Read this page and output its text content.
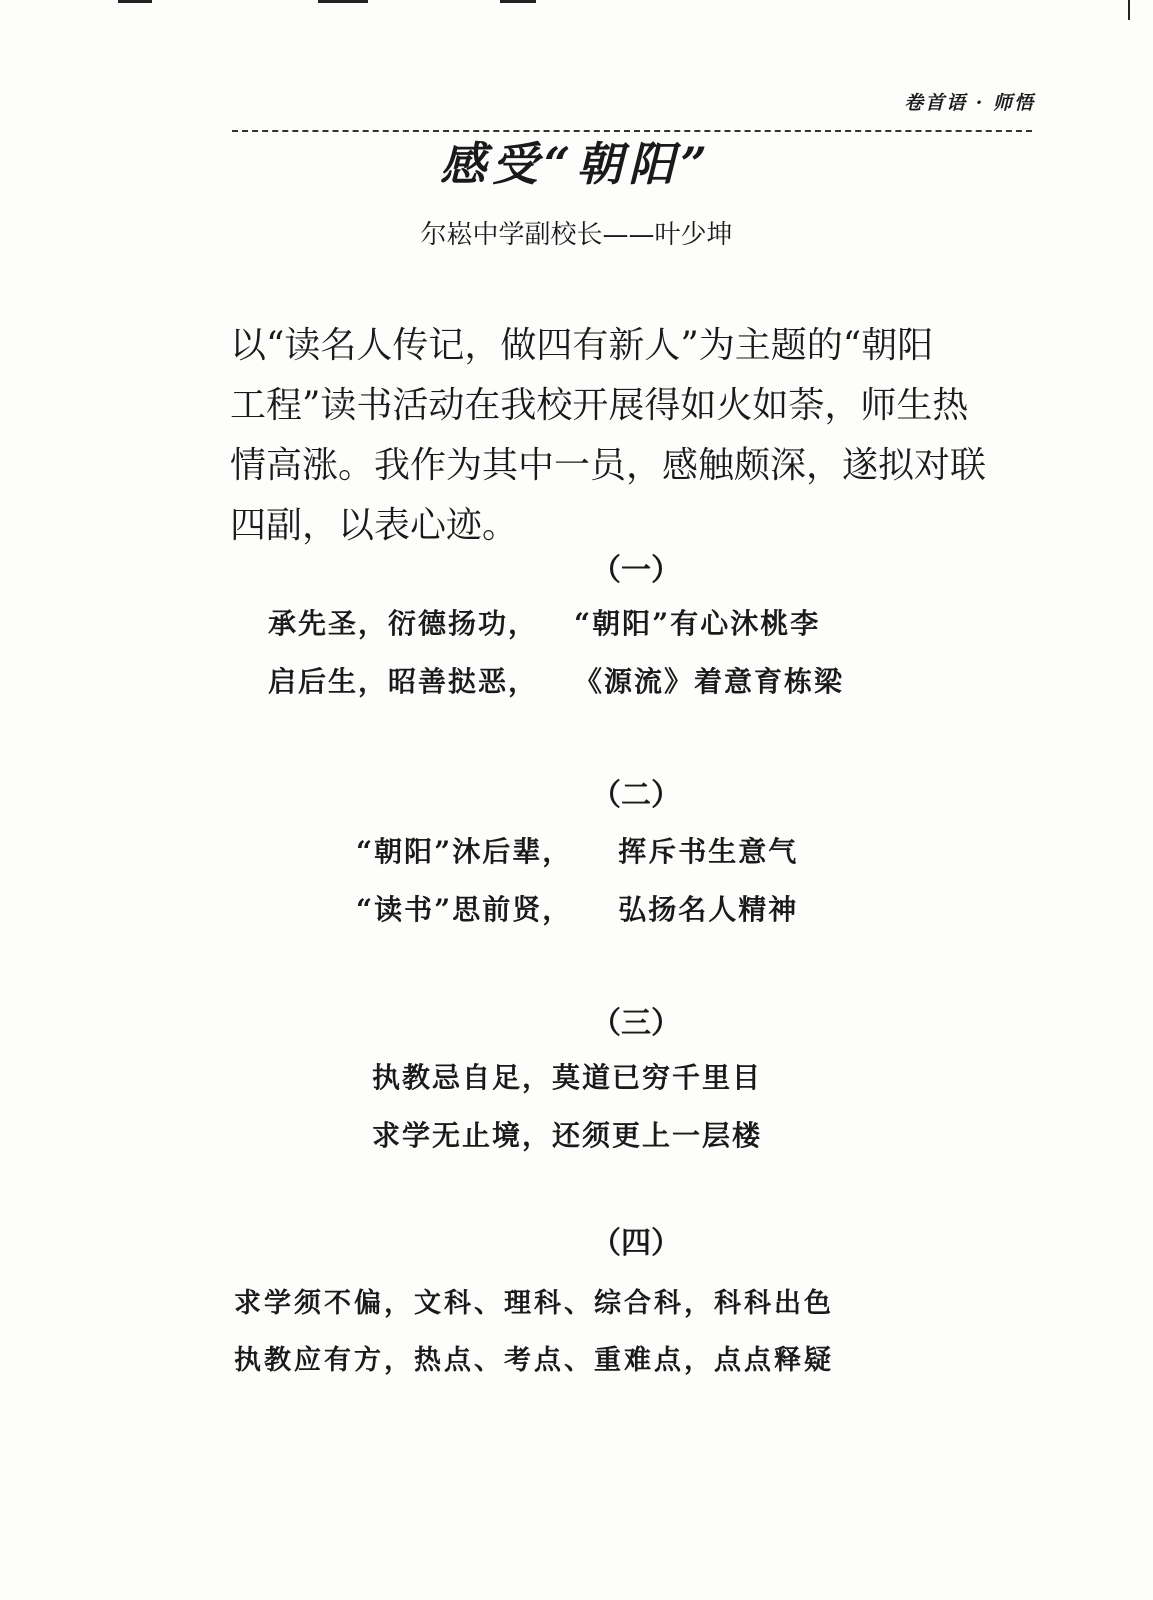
卷首语 · 师悟
感受“朝阳”
尔崧中学副校长——叶少坤

以“读名人传记，做四有新人”为主题的“朝阳
工程”读书活动在我校开展得如火如荼，师生热
情高涨。我作为其中一员，感触颇深，遂拟对联
四副，以表心迹。

（一）
承先圣，衍德扬功， “朝阳”有心沐桃李
启后生，昭善挞恶， 《源流》着意育栋梁
（二）
“朝阳”沐后辈， 挥斥书生意气
“读书”思前贤， 弘扬名人精神
（三）
执教忌自足，莫道已穷千里目
求学无止境，还须更上一层楼
（四）
求学须不偏，文科、理科、综合科，科科出色
执教应有方，热点、考点、重难点，点点释疑
